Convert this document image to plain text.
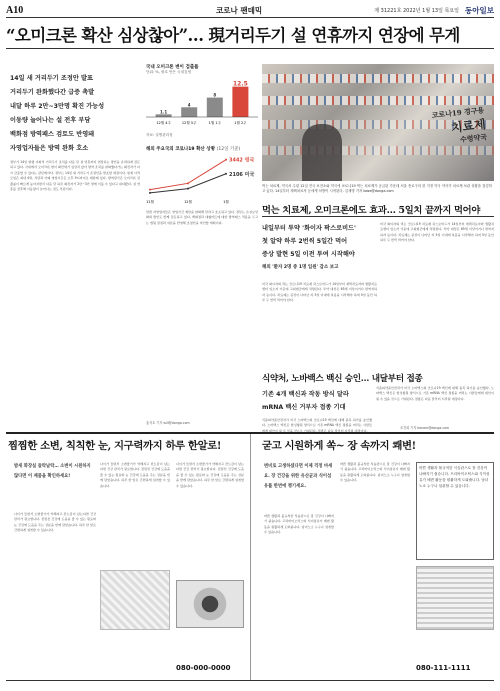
A10	코로나 팬데믹	제 31221호 2022년 1월 13일 목요일 동아일보
“오미크론 확산 심상찮아”… 現거리두기 설 연휴까지 연장에 무게
14일 새 거리두기 조정안 발표
거리두기 완화했다간 급증 촉발
내달 하루 2만~3만명 확진 가능성
이동량 늘어나는 설 전후 부담
백화점 방역패스 검토도 반영돼
자영업자들은 방역 완화 호소
정부가 14일 현행 사회적 거리두기 조치를 다음 달 설 연휴까지 연장하는 방안을 유력하게 검토하고 있다. 국내에서 오미크론 변이 확산세가 심상치 않아 방역 조치를 완화했다가는 확진자가 다시 급증할 수 있다는 판단에서다. 정부는 14일 새 거리두기 조정안을 발표할 예정이다. 현재 사적모임은 최대 4명, 식당과 카페 영업시간은 오후 9시까지로 제한돼 있다. 방역당국은 오미크론 검출률이 빠르게 높아지면서 다음 달 하루 확진자가 2만~3만 명에 이를 수 있다고 내다봤다. 설 연휴를 전후해 이동량이 늘어나는 점도 부담이다.
한편 자영업자들은 영업시간 제한을 완화해 달라고 호소하고 있다. 정부는 손실보상 확대 방안도 함께 검토하고 있다. 백화점과 대형마트에 대한 방역패스 적용을 두고는 법원 결정과 여론을 반영해 조정안을 마련할 계획이다.
홍석호 기자 will@donga.com
국내 오미크론 변이 검출률
단위: %, 괄호 안은 국내감염
1.1
12월 4주
4
12월 5주
8
1월 1주
12.5
1월 2주
자료: 질병관리청
해외 주요국의 코로나19 확산 상황 (12일 기준)
3442 영국
2106 미국
11월	12월	1월
코로나19 경구용
치료제
수령약국
먹는 치료제, 약국서 수령 12일 전국 보건소와 약국에 코로나19 먹는 치료제가 공급된 가운데 서울 종로구의 한 지정 약국 약사가 치료제 보관 상황을 점검하고 있다. 14일부터 재택치료자 등에게 처방이 시작된다. 김재명 기자 base@donga.com
먹는 치료제, 오미크론에도 효과… 5일치 끝까지 먹어야
내일부터 투약 '화이자 팍스로비드'
첫 알약 하루 2번씩 5일간 먹어
증상 발현 5일 이전 투여 시작해야
해외 '환자 2명 중 1명 입원' 감소 보고
미국 화이자의 먹는 코로나19 치료제 팍스로비드가 14일부터 재택치료자와 생활치료센터 입소자 가운데 고위험군에게 처방된다. 투약 대상은 65세 이상이거나 면역저하자 등이다. 치료제는 증상이 나타난 지 5일 이내에 복용을 시작해야 하며 5일 동안 하루 두 번씩 먹어야 한다.
미국 화이자의 먹는 코로나19 치료제 팍스로비드가 14일부터 재택치료자와 생활치료센터 입소자 가운데 고위험군에게 처방된다. 투약 대상은 65세 이상이거나 면역저하자 등이다. 치료제는 증상이 나타난 지 5일 이내에 복용을 시작해야 하며 5일 동안 하루 두 번씩 먹어야 한다.
식약처, 노바백스 백신 승인… 내달부터 접종
기존 4개 백신과 작동 방식 달라
mRNA 백신 거부자 접종 기대
식품의약품안전처가 미국 노바백스의 코로나19 백신에 대해 품목 허가를 승인했다. 노바백스 백신은 합성항원 방식으로 기존 mRNA 백신 접종을 꺼리는 사람들에게 대안이 될 수 있을 것으로 기대된다. 접종은 다음 달부터 시작될 예정이다.
식품의약품안전처가 미국 노바백스의 코로나19 백신에 대해 품목 허가를 승인했다. 노바백스 백신은 합성항원 방식으로 기존 mRNA 백신 접종을 꺼리는 사람들에게 대안이 될 수 있을 것으로 기대된다. 접종은 다음 달부터 시작될 예정이다.
조건희 기자 becom@donga.com
찜찜한 소변, 칙칙한 눈, 지구력까지 하루 한알로!
밤새 화장실 들락날락… 소변이 시원하지 않다면 이 제품을 확인하세요!
나이가 들면서 소변줄기가 약해지고 잔뇨감이 남는다면 건강 관리가 필요합니다. 전립선 건강에 도움을 줄 수 있는 원료와 눈 건강에 도움을 주는 성분을 함께 담았습니다. 하루 한 알로 간편하게 섭취할 수 있습니다.
나이가 들면서 소변줄기가 약해지고 잔뇨감이 남는다면 건강 관리가 필요합니다. 전립선 건강에 도움을 줄 수 있는 원료와 눈 건강에 도움을 주는 성분을 함께 담았습니다. 하루 한 알로 간편하게 섭취할 수 있습니다.
나이가 들면서 소변줄기가 약해지고 잔뇨감이 남는다면 건강 관리가 필요합니다. 전립선 건강에 도움을 줄 수 있는 원료와 눈 건강에 도움을 주는 성분을 함께 담았습니다. 하루 한 알로 간편하게 섭취할 수 있습니다.
080-000-0000
굳고 시원하게 쏙~ 장 속까지 쾌변!
변비로 고생하셨다면 이제 걱정 마세요. 장 건강을 위한 유산균과 식이섬유를 한번에 챙기세요.
바쁜 생활과 불규칙한 식습관으로 장 건강이 나빠지기 쉽습니다. 프리바이오틱스와 식이섬유가 배변 활동을 원활하게 도와줍니다. 남녀노소 누구나 섭취할 수 있습니다.
바쁜 생활과 불규칙한 식습관으로 장 건강이 나빠지기 쉽습니다. 프리바이오틱스와 식이섬유가 배변 활동을 원활하게 도와줍니다. 남녀노소 누구나 섭취할 수 있습니다.
바쁜 생활과 불규칙한 식습관으로 장 건강이 나빠지기 쉽습니다. 프리바이오틱스와 식이섬유가 배변 활동을 원활하게 도와줍니다. 남녀노소 누구나 섭취할 수 있습니다.
080-111-1111
